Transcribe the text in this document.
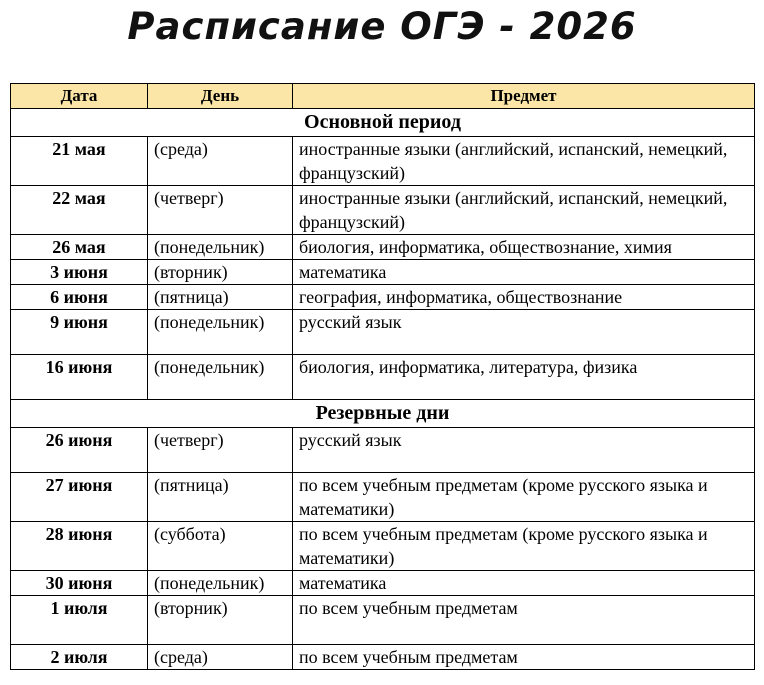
Расписание ОГЭ - 2026
Дата	День	Предмет
Основной период		
21 мая	(среда)	иностранные языки (английский, испанский, немецкий, французский)
22 мая	(четверг)	иностранные языки (английский, испанский, немецкий, французский)
26 мая	(понедельник)	биология, информатика, обществознание, химия
3 июня	(вторник)	математика
6 июня	(пятница)	география, информатика, обществознание
9 июня	(понедельник)	русский язык
16 июня	(понедельник)	биология, информатика, литература, физика
Резервные дни		
26 июня	(четверг)	русский язык
27 июня	(пятница)	по всем учебным предметам (кроме русского языка и математики)
28 июня	(суббота)	по всем учебным предметам (кроме русского языка и математики)
30 июня	(понедельник)	математика
1 июля	(вторник)	по всем учебным предметам
2 июля	(среда)	по всем учебным предметам
